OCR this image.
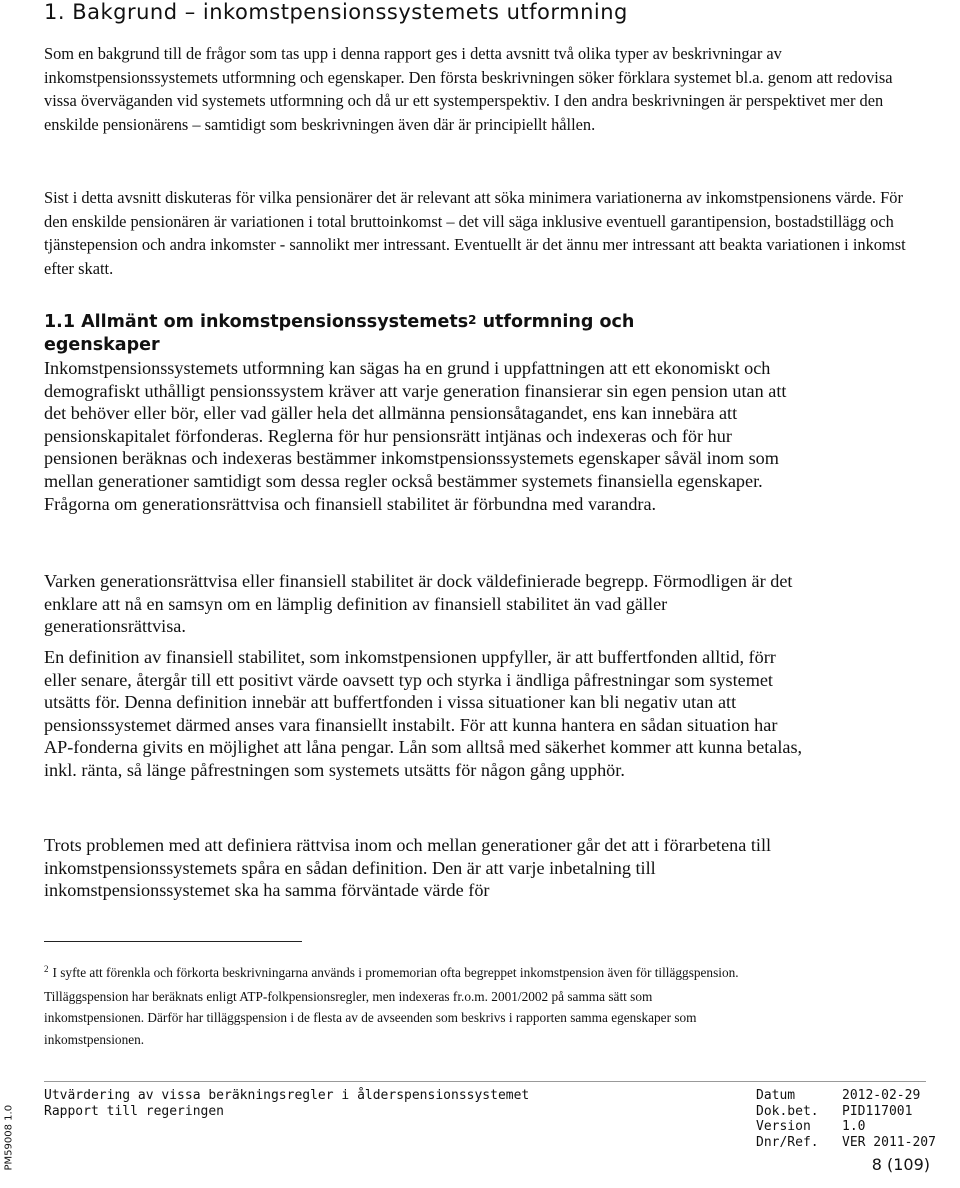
1. Bakgrund – inkomstpensionssystemets utformning

Som en bakgrund till de frågor som tas upp i denna rapport ges i detta avsnitt två olika typer av beskrivningar av inkomstpensionssystemets utformning och egenskaper. Den första beskrivningen söker förklara systemet bl.a. genom att redovisa vissa överväganden vid systemets utformning och då ur ett systemperspektiv. I den andra beskrivningen är perspektivet mer den enskilde pensionärens – samtidigt som beskrivningen även där är principiellt hållen.

Sist i detta avsnitt diskuteras för vilka pensionärer det är relevant att söka minimera variationerna av inkomstpensionens värde. För den enskilde pensionären är variationen i total bruttoinkomst – det vill säga inklusive eventuell garantipension, bostadstillägg och tjänstepension och andra inkomster - sannolikt mer intressant. Eventuellt är det ännu mer intressant att beakta variationen i inkomst efter skatt.

1.1 Allmänt om inkomstpensionssystemets$^2$ utformning och egenskaper

Inkomstpensionssystemets utformning kan sägas ha en grund i uppfattningen att ett ekonomiskt och demografiskt uthålligt pensionssystem kräver att varje generation finansierar sin egen pension utan att det behöver eller bör, eller vad gäller hela det allmänna pensionsåtagandet, ens kan innebära att pensionskapitalet förfonderas. Reglerna för hur pensionsrätt intjänas och indexeras och för hur pensionen beräknas och indexeras bestämmer inkomstpensionssystemets egenskaper såväl inom som mellan generationer samtidigt som dessa regler också bestämmer systemets finansiella egenskaper. Frågorna om generationsrättvisa och finansiell stabilitet är förbundna med varandra.

Varken generationsrättvisa eller finansiell stabilitet är dock väldefinierade begrepp. Förmodligen är det enklare att nå en samsyn om en lämplig definition av finansiell stabilitet än vad gäller generationsrättvisa.

En definition av finansiell stabilitet, som inkomstpensionen uppfyller, är att buffertfonden alltid, förr eller senare, återgår till ett positivt värde oavsett typ och styrka i ändliga påfrestningar som systemet utsätts för. Denna definition innebär att buffertfonden i vissa situationer kan bli negativ utan att pensionssystemet därmed anses vara finansiellt instabilt. För att kunna hantera en sådan situation har AP-fonderna givits en möjlighet att låna pengar. Lån som alltså med säkerhet kommer att kunna betalas, inkl. ränta, så länge påfrestningen som systemets utsätts för någon gång upphör.

Trots problemen med att definiera rättvisa inom och mellan generationer går det att i förarbetena till inkomstpensionssystemets spåra en sådan definition. Den är att varje inbetalning till inkomstpensionssystemet ska ha samma förväntade värde för

$^2$ I syfte att förenkla och förkorta beskrivningarna används i promemorian ofta begreppet inkomstpension även för tilläggspension. Tilläggspension har beräknats enligt ATP-folkpensionsregler, men indexeras fr.o.m. 2001/2002 på samma sätt som inkomstpensionen. Därför har tilläggspension i de flesta av de avseenden som beskrivs i rapporten samma egenskaper som inkomstpensionen.

Utvärdering av vissa beräkningsregler i ålderspensionssystemet
Rapport till regeringen
Datum	2012-02-29
Dok.bet. PID117001
Version 1.0
Dnr/Ref. VER 2011-207
8 (109)
PM59008 1.0
